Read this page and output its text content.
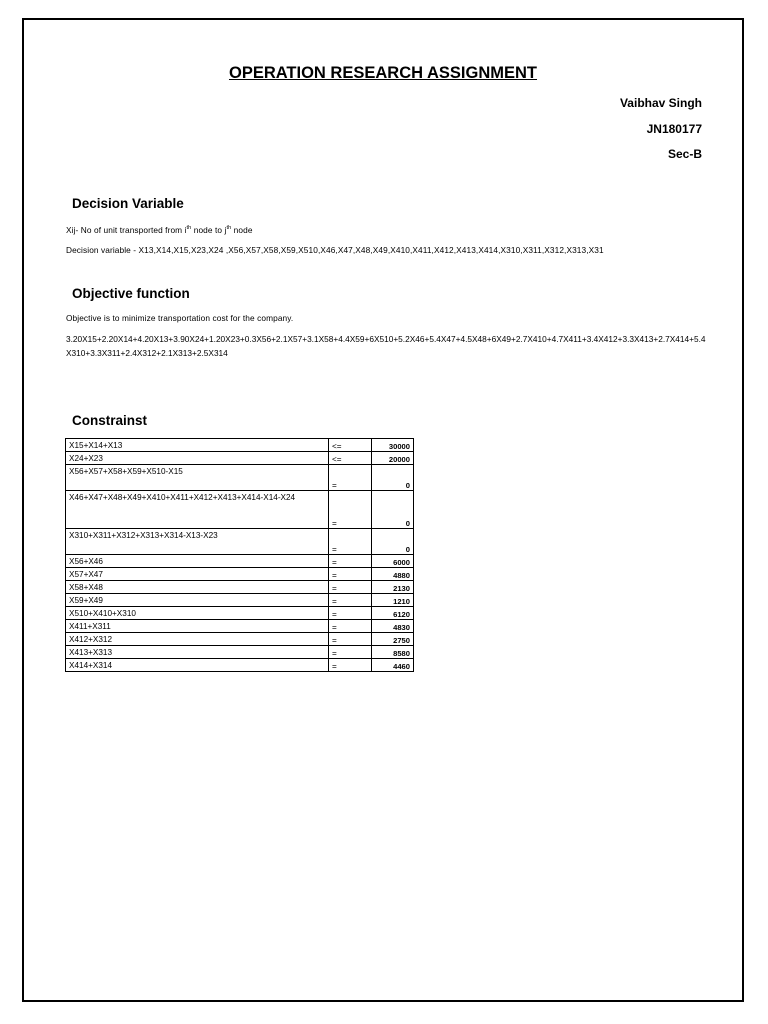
OPERATION RESEARCH ASSIGNMENT
Vaibhav Singh
JN180177
Sec-B
Decision Variable
Xij- No of unit transported from $i^{th}$ node to $j^{th}$ node
Decision variable - X13,X14,X15,X23,X24 ,X56,X57,X58,X59,X510,X46,X47,X48,X49,X410,X411,X412,X413,X414,X310,X311,X312,X313,X31
Objective function
Objective is to minimize transportation cost for the company.
3.20X15+2.20X14+4.20X13+3.90X24+1.20X23+0.3X56+2.1X57+3.1X58+4.4X59+6X510+5.2X46+5.4X47+4.5X48+6X49+2.7X410+4.7X411+3.4X412+3.3X413+2.7X414+5.4X310+3.3X311+2.4X312+2.1X313+2.5X314
Constrainst
X15+X14+X13	<=	30000
X24+X23	<=	20000
X56+X57+X58+X59+X510-X15	=	0
X46+X47+X48+X49+X410+X411+X412+X413+X414-X14-X24	=	0
X310+X311+X312+X313+X314-X13-X23	=	0
X56+X46	=	6000
X57+X47	=	4880
X58+X48	=	2130
X59+X49	=	1210
X510+X410+X310	=	6120
X411+X311	=	4830
X412+X312	=	2750
X413+X313	=	8580
X414+X314	=	4460
